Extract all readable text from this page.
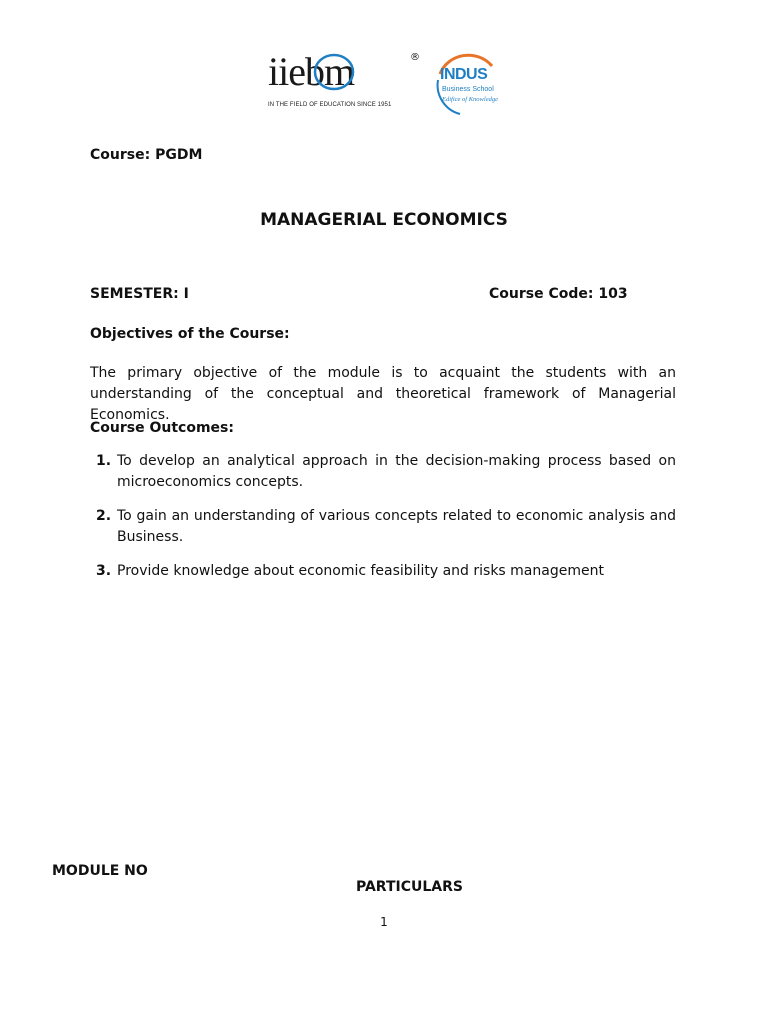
iiebm	®
IN THE FIELD OF EDUCATION SINCE 1951
INDUS
Business School
Edifice of Knowledge
Course: PGDM
MANAGERIAL ECONOMICS
SEMESTER: I	Course Code: 103
Objectives of the Course:
The primary objective of the module is to acquaint the students with an understanding of the conceptual and theoretical framework of Managerial Economics.
Course Outcomes:
1. To develop an analytical approach in the decision-making process based on microeconomics concepts.
2. To gain an understanding of various concepts related to economic analysis and Business.
3. Provide knowledge about economic feasibility and risks management
MODULE NO
PARTICULARS
1
